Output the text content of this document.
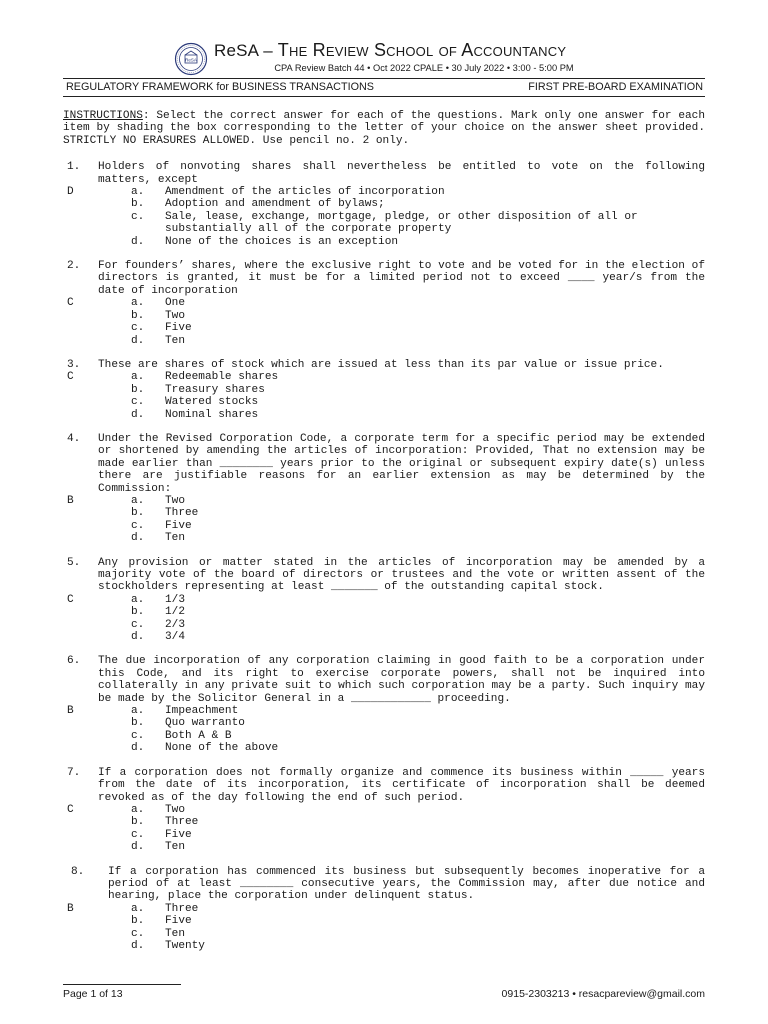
ReSA ReSA – The Review School of Accountancy
CPA Review Batch 44 • Oct 2022 CPALE • 30 July 2022 • 3:00 - 5:00 PM
REGULATORY FRAMEWORK for BUSINESS TRANSACTIONS	FIRST PRE-BOARD EXAMINATION

INSTRUCTIONS: Select the correct answer for each of the questions. Mark only one answer for each item by shading the box corresponding to the letter of your choice on the answer sheet provided. STRICTLY NO ERASURES ALLOWED. Use pencil no. 2 only.

1. Holders of nonvoting shares shall nevertheless be entitled to vote on the following matters, except
D	a.	Amendment of the articles of incorporation
b.	Adoption and amendment of bylaws;
c.	Sale, lease, exchange, mortgage, pledge, or other disposition of all or substantially all of the corporate property
d.	None of the choices is an exception
2. For founders’ shares, where the exclusive right to vote and be voted for in the election of directors is granted, it must be for a limited period not to exceed ____ year/s from the date of incorporation
C	a.	One
b.	Two
c.	Five
d.	Ten
3. These are shares of stock which are issued at less than its par value or issue price.
C	a.	Redeemable shares
b.	Treasury shares
c.	Watered stocks
d.	Nominal shares
4. Under the Revised Corporation Code, a corporate term for a specific period may be extended or shortened by amending the articles of incorporation: Provided, That no extension may be made earlier than ________ years prior to the original or subsequent expiry date(s) unless there are justifiable reasons for an earlier extension as may be determined by the Commission:
B	a.	Two
b.	Three
c.	Five
d.	Ten
5. Any provision or matter stated in the articles of incorporation may be amended by a majority vote of the board of directors or trustees and the vote or written assent of the stockholders representing at least _______ of the outstanding capital stock.
C	a.	1/3
b.	1/2
c.	2/3
d.	3/4
6. The due incorporation of any corporation claiming in good faith to be a corporation under this Code, and its right to exercise corporate powers, shall not be inquired into collaterally in any private suit to which such corporation may be a party. Such inquiry may be made by the Solicitor General in a ____________ proceeding.
B	a.	Impeachment
b.	Quo warranto
c.	Both A & B
d.	None of the above
7. If a corporation does not formally organize and commence its business within _____ years from the date of its incorporation, its certificate of incorporation shall be deemed revoked as of the day following the end of such period.
C	a.	Two
b.	Three
c.	Five
d.	Ten
8. If a corporation has commenced its business but subsequently becomes inoperative for a period of at least ________ consecutive years, the Commission may, after due notice and hearing, place the corporation under delinquent status.
B	a.	Three
b.	Five
c.	Ten
d.	Twenty
Page 1 of 13	0915-2303213 • resacpareview@gmail.com
